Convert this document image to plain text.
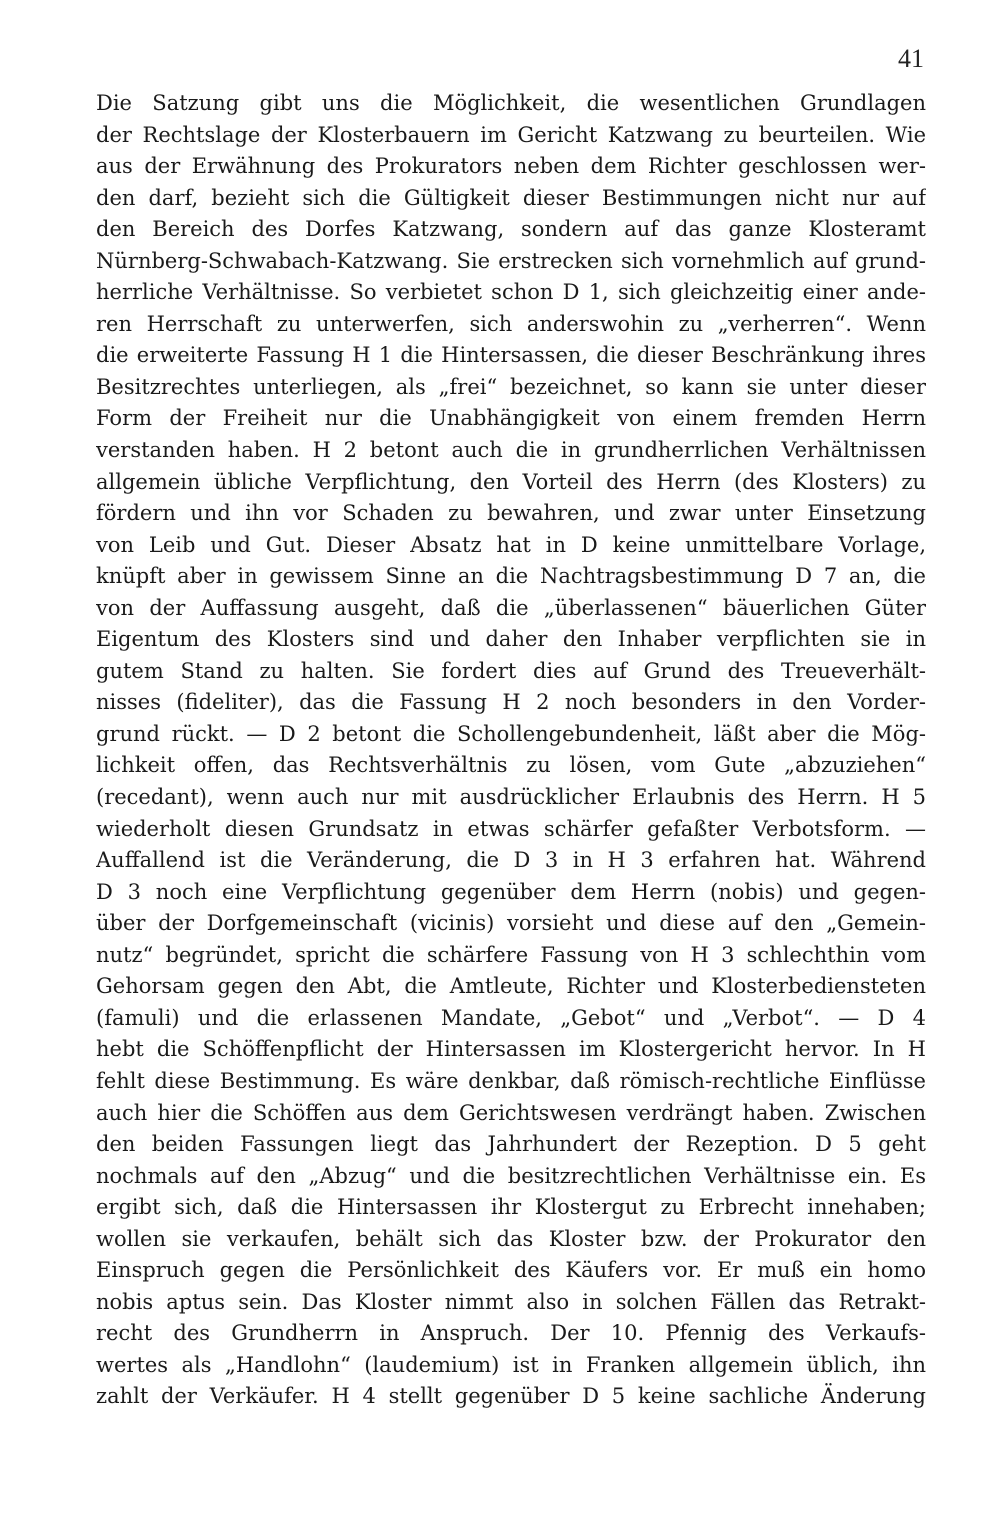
41
Die Satzung gibt uns die Möglichkeit, die wesentlichen Grundlagen
der Rechtslage der Klosterbauern im Gericht Katzwang zu beurteilen. Wie
aus der Erwähnung des Prokurators neben dem Richter geschlossen wer-
den darf, bezieht sich die Gültigkeit dieser Bestimmungen nicht nur auf
den Bereich des Dorfes Katzwang, sondern auf das ganze Klosteramt
Nürnberg-Schwabach-Katzwang. Sie erstrecken sich vornehmlich auf grund-
herrliche Verhältnisse. So verbietet schon D 1, sich gleichzeitig einer ande-
ren Herrschaft zu unterwerfen, sich anderswohin zu „verherren“. Wenn
die erweiterte Fassung H 1 die Hintersassen, die dieser Beschränkung ihres
Besitzrechtes unterliegen, als „frei“ bezeichnet, so kann sie unter dieser
Form der Freiheit nur die Unabhängigkeit von einem fremden Herrn
verstanden haben. H 2 betont auch die in grundherrlichen Verhältnissen
allgemein übliche Verpflichtung, den Vorteil des Herrn (des Klosters) zu
fördern und ihn vor Schaden zu bewahren, und zwar unter Einsetzung
von Leib und Gut. Dieser Absatz hat in D keine unmittelbare Vorlage,
knüpft aber in gewissem Sinne an die Nachtragsbestimmung D 7 an, die
von der Auffassung ausgeht, daß die „überlassenen“ bäuerlichen Güter
Eigentum des Klosters sind und daher den Inhaber verpflichten sie in
gutem Stand zu halten. Sie fordert dies auf Grund des Treueverhält-
nisses (fideliter), das die Fassung H 2 noch besonders in den Vorder-
grund rückt. — D 2 betont die Schollengebundenheit, läßt aber die Mög-
lichkeit offen, das Rechtsverhältnis zu lösen, vom Gute „abzuziehen“
(recedant), wenn auch nur mit ausdrücklicher Erlaubnis des Herrn. H 5
wiederholt diesen Grundsatz in etwas schärfer gefaßter Verbotsform. —
Auffallend ist die Veränderung, die D 3 in H 3 erfahren hat. Während
D 3 noch eine Verpflichtung gegenüber dem Herrn (nobis) und gegen-
über der Dorfgemeinschaft (vicinis) vorsieht und diese auf den „Gemein-
nutz“ begründet, spricht die schärfere Fassung von H 3 schlechthin vom
Gehorsam gegen den Abt, die Amtleute, Richter und Klosterbediensteten
(famuli) und die erlassenen Mandate, „Gebot“ und „Verbot“. — D 4
hebt die Schöffenpflicht der Hintersassen im Klostergericht hervor. In H
fehlt diese Bestimmung. Es wäre denkbar, daß römisch-rechtliche Einflüsse
auch hier die Schöffen aus dem Gerichtswesen verdrängt haben. Zwischen
den beiden Fassungen liegt das Jahrhundert der Rezeption. D 5 geht
nochmals auf den „Abzug“ und die besitzrechtlichen Verhältnisse ein. Es
ergibt sich, daß die Hintersassen ihr Klostergut zu Erbrecht innehaben;
wollen sie verkaufen, behält sich das Kloster bzw. der Prokurator den
Einspruch gegen die Persönlichkeit des Käufers vor. Er muß ein homo
nobis aptus sein. Das Kloster nimmt also in solchen Fällen das Retrakt-
recht des Grundherrn in Anspruch. Der 10. Pfennig des Verkaufs-
wertes als „Handlohn“ (laudemium) ist in Franken allgemein üblich, ihn
zahlt der Verkäufer. H 4 stellt gegenüber D 5 keine sachliche Änderung
